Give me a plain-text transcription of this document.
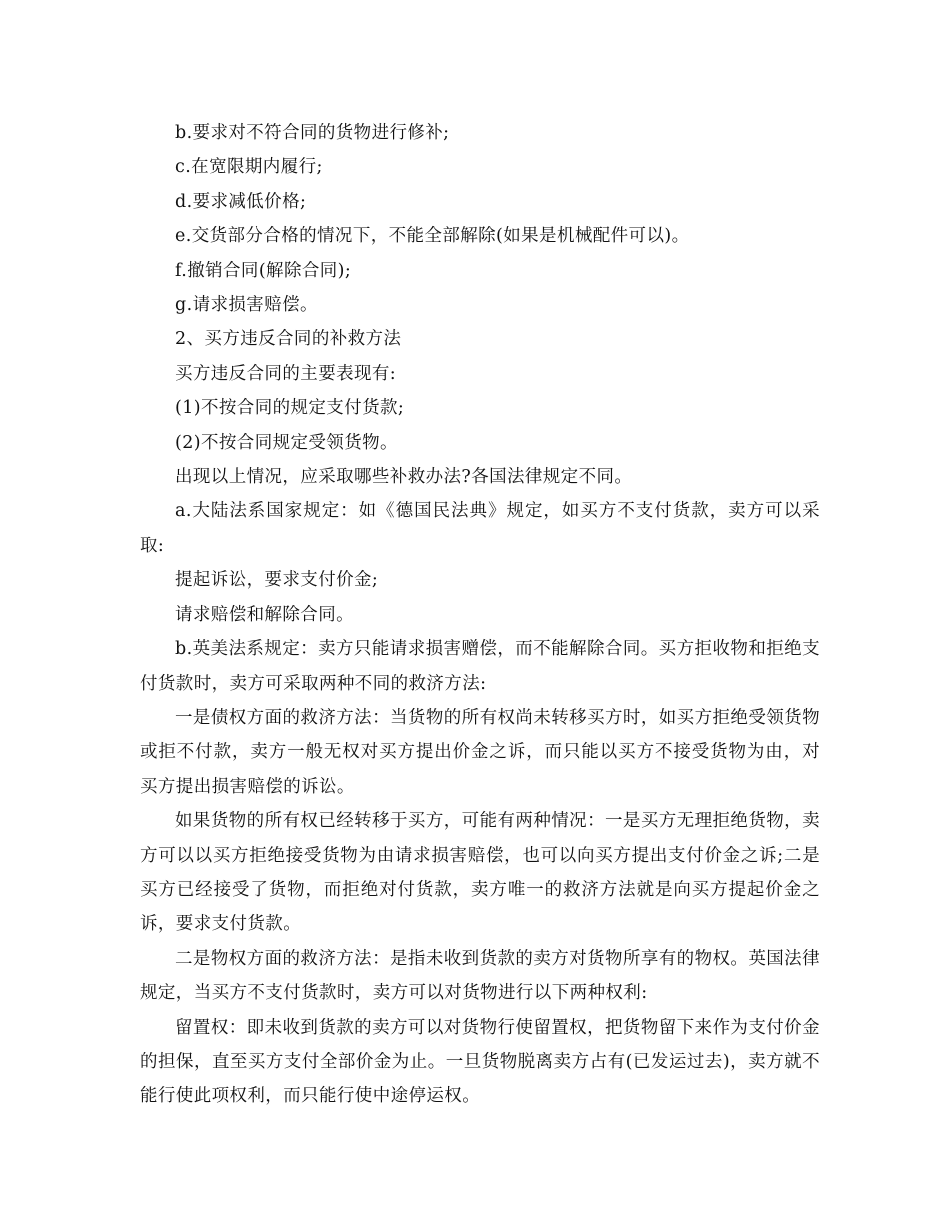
b.要求对不符合同的货物进行修补;

c.在宽限期内履行;

d.要求减低价格;

e.交货部分合格的情况下，不能全部解除(如果是机械配件可以)。

f.撤销合同(解除合同);

g.请求损害赔偿。

2、买方违反合同的补救方法

买方违反合同的主要表现有:

(1)不按合同的规定支付货款;

(2)不按合同规定受领货物。

出现以上情况，应采取哪些补救办法?各国法律规定不同。

a.大陆法系国家规定：如《德国民法典》规定，如买方不支付货款，卖方可以采取:

提起诉讼，要求支付价金;

请求赔偿和解除合同。

b.英美法系规定：卖方只能请求损害赠偿，而不能解除合同。买方拒收物和拒绝支付货款时，卖方可采取两种不同的救济方法:

一是债权方面的救济方法：当货物的所有权尚未转移买方时，如买方拒绝受领货物或拒不付款，卖方一般无权对买方提出价金之诉，而只能以买方不接受货物为由，对买方提出损害赔偿的诉讼。

如果货物的所有权已经转移于买方，可能有两种情况：一是买方无理拒绝货物，卖方可以以买方拒绝接受货物为由请求损害赔偿，也可以向买方提出支付价金之诉;二是买方已经接受了货物，而拒绝对付货款，卖方唯一的救济方法就是向买方提起价金之诉，要求支付货款。

二是物权方面的救济方法：是指未收到货款的卖方对货物所享有的物权。英国法律规定，当买方不支付货款时，卖方可以对货物进行以下两种权利:

留置权：即未收到货款的卖方可以对货物行使留置权，把货物留下来作为支付价金的担保，直至买方支付全部价金为止。一旦货物脱离卖方占有(已发运过去)，卖方就不能行使此项权利，而只能行使中途停运权。
